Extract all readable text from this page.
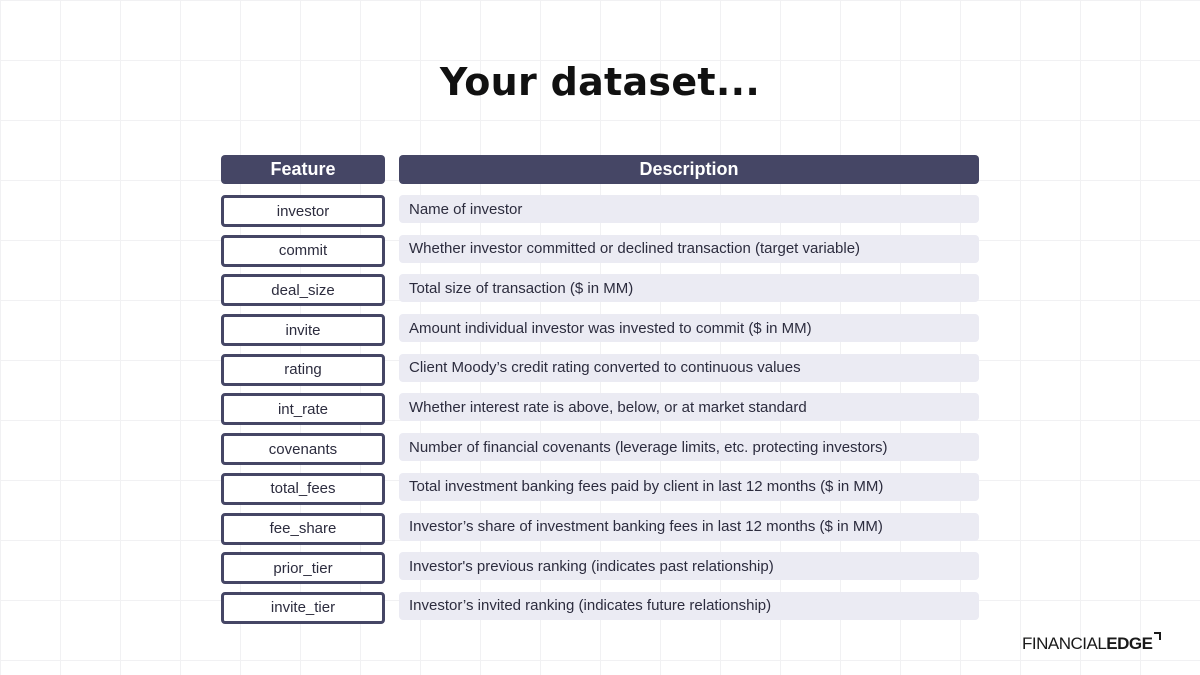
Your dataset...
Feature	Description
investor	Name of investor
commit	Whether investor committed or declined transaction (target variable)
deal_size	Total size of transaction ($ in MM)
invite	Amount individual investor was invested to commit ($ in MM)
rating	Client Moody’s credit rating converted to continuous values
int_rate	Whether interest rate is above, below, or at market standard
covenants	Number of financial covenants (leverage limits, etc. protecting investors)
total_fees	Total investment banking fees paid by client in last 12 months ($ in MM)
fee_share	Investor’s share of investment banking fees in last 12 months ($ in MM)
prior_tier	Investor's previous ranking (indicates past relationship)
invite_tier	Investor’s invited ranking (indicates future relationship)
FINANCIAL EDGE
